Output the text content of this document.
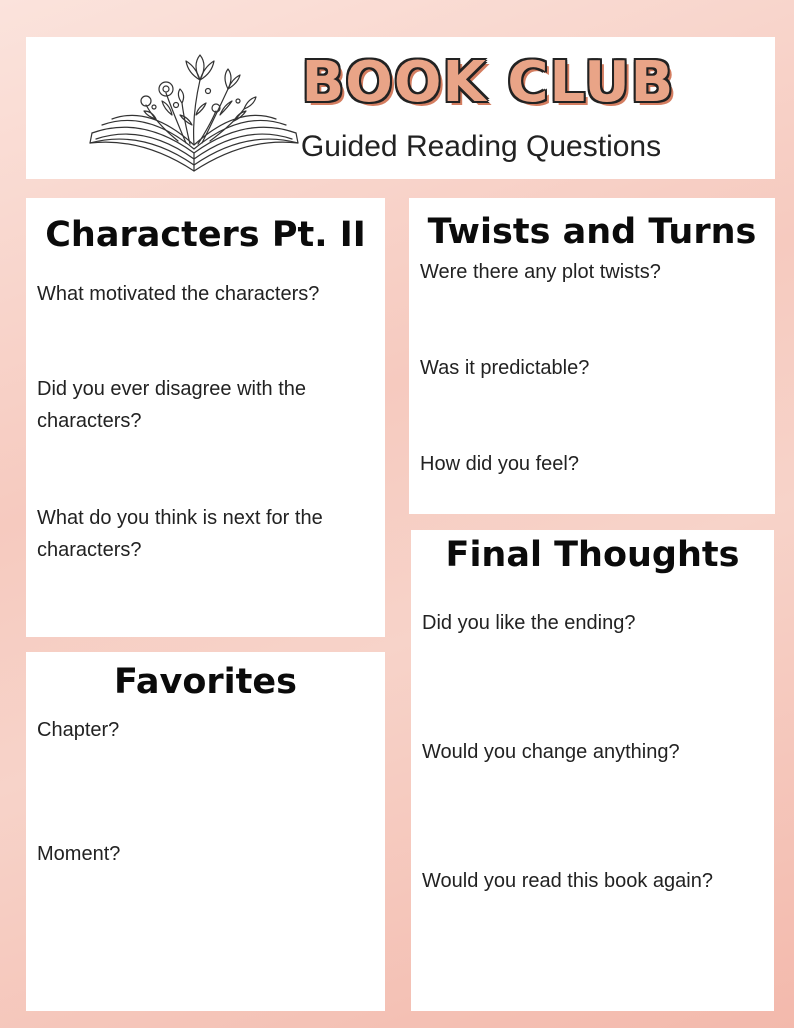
BOOK CLUB
Guided Reading Questions
Characters Pt. II
What motivated the characters?
Did you ever disagree with the characters?
What do you think is next for the characters?
Favorites
Chapter?
Moment?
Twists and Turns
Were there any plot twists?
Was it predictable?
How did you feel?
Final Thoughts
Did you like the ending?
Would you change anything?
Would you read this book again?
